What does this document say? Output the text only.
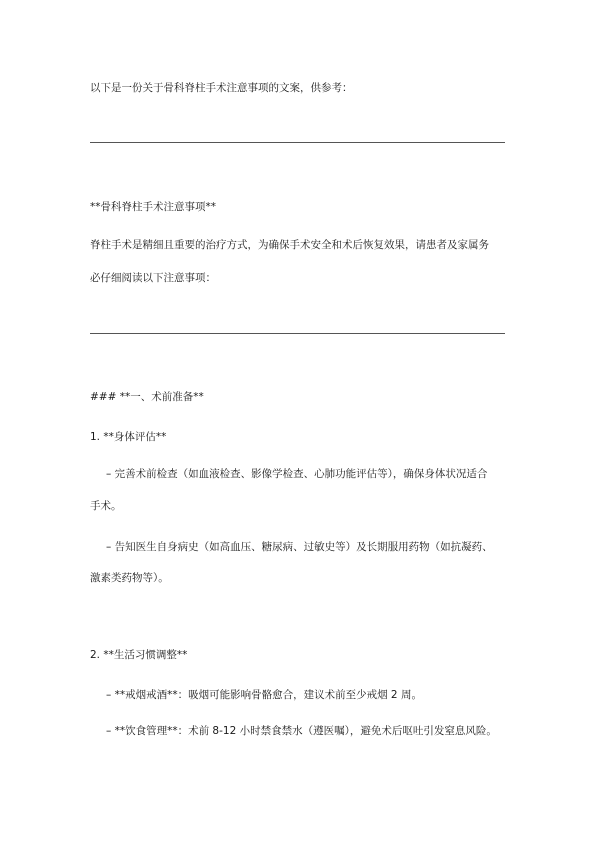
以下是一份关于骨科脊柱手术注意事项的文案，供参考：
**骨科脊柱手术注意事项**
脊柱手术是精细且重要的治疗方式，为确保手术安全和术后恢复效果，请患者及家属务
必仔细阅读以下注意事项：
### **一、术前准备**
1. **身体评估**
– 完善术前检查（如血液检查、影像学检查、心肺功能评估等），确保身体状况适合
手术。
– 告知医生自身病史（如高血压、糖尿病、过敏史等）及长期服用药物（如抗凝药、
激素类药物等）。
2. **生活习惯调整**
– **戒烟戒酒**：吸烟可能影响骨骼愈合，建议术前至少戒烟 2 周。
– **饮食管理**：术前 8-12 小时禁食禁水（遵医嘱），避免术后呕吐引发窒息风险。
